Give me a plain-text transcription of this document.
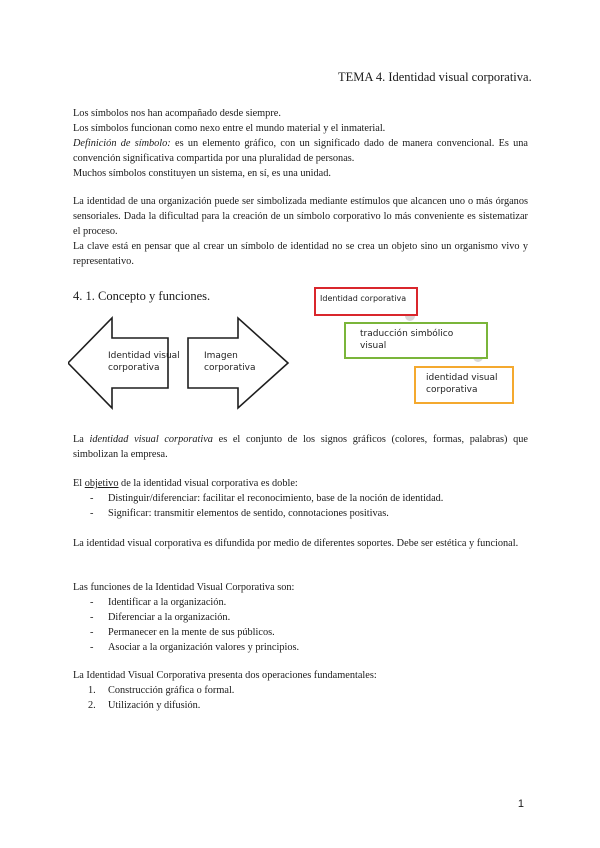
TEMA 4. Identidad visual corporativa.

Los símbolos nos han acompañado desde siempre.

Los símbolos funcionan como nexo entre el mundo material y el inmaterial.

Definición de símbolo: es un elemento gráfico, con un significado dado de manera convencional. Es una convención significativa compartida por una pluralidad de personas.

Muchos símbolos constituyen un sistema, en sí, es una unidad.

La identidad de una organización puede ser simbolizada mediante estímulos que alcancen uno o más órganos sensoriales. Dada la dificultad para la creación de un símbolo corporativo lo más conveniente es sistematizar el proceso.

La clave está en pensar que al crear un símbolo de identidad no se crea un objeto sino un organismo vivo y representativo.

4. 1. Concepto y funciones.
Identidad visual corporativa
Imagen corporativa
Identidad corporativa
traducción simbólico visual
identidad visual corporativa
La identidad visual corporativa es el conjunto de los signos gráficos (colores, formas, palabras) que simbolizan la empresa.

El objetivo de la identidad visual corporativa es doble:

- Distinguir/diferenciar: facilitar el reconocimiento, base de la noción de identidad.
- Significar: transmitir elementos de sentido, connotaciones positivas.
La identidad visual corporativa es difundida por medio de diferentes soportes. Debe ser estética y funcional.

Las funciones de la Identidad Visual Corporativa son:

- Identificar a la organización.
- Diferenciar a la organización.
- Permanecer en la mente de sus públicos.
- Asociar a la organización valores y principios.

La Identidad Visual Corporativa presenta dos operaciones fundamentales:

1. Construcción gráfica o formal.
2. Utilización y difusión.
1
